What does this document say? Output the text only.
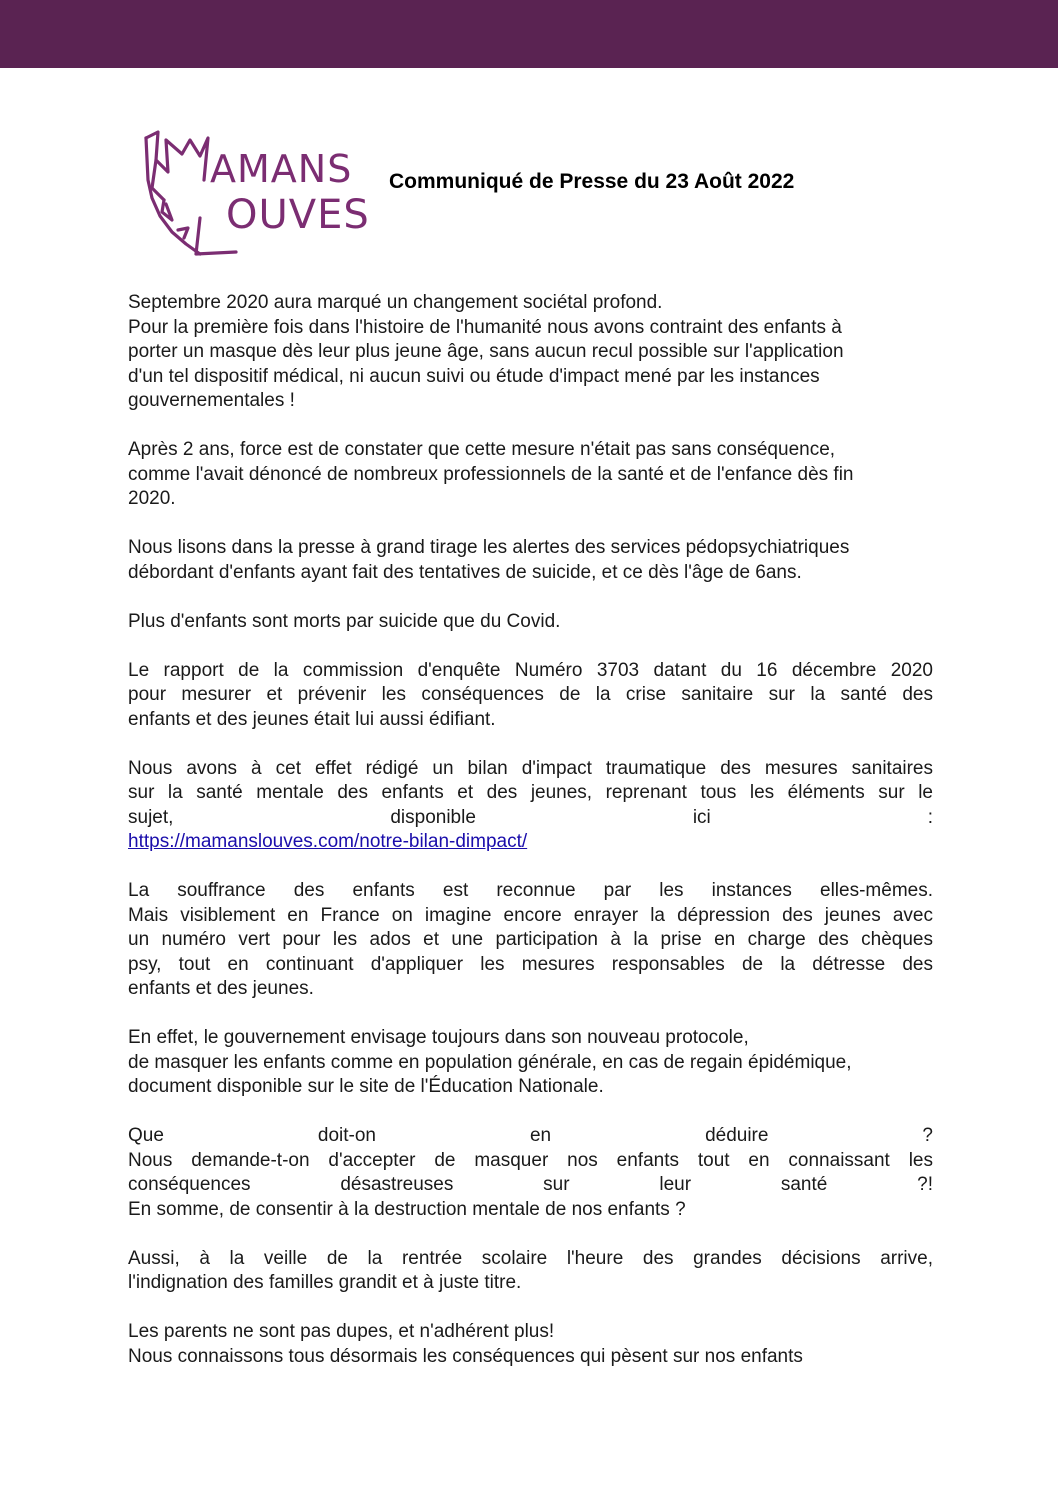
AMANS
OUVES
Communiqué de Presse du 23 Août 2022
Septembre 2020 aura marqué un changement sociétal profond.
Pour la première fois dans l'histoire de l'humanité nous avons contraint des enfants à
porter un masque dès leur plus jeune âge, sans aucun recul possible sur l'application
d'un tel dispositif médical, ni aucun suivi ou étude d'impact mené par les instances
gouvernementales !
Après 2 ans, force est de constater que cette mesure n'était pas sans conséquence,
comme l'avait dénoncé de nombreux professionnels de la santé et de l'enfance dès fin
2020.
Nous lisons dans la presse à grand tirage les alertes des services pédopsychiatriques
débordant d'enfants ayant fait des tentatives de suicide, et ce dès l'âge de 6ans.
Plus d'enfants sont morts par suicide que du Covid.
Le rapport de la commission d'enquête Numéro 3703 datant du 16 décembre 2020
pour mesurer et prévenir les conséquences de la crise sanitaire sur la santé des
enfants et des jeunes était lui aussi édifiant.
Nous avons à cet effet rédigé un bilan d'impact traumatique des mesures sanitaires
sur la santé mentale des enfants et des jeunes, reprenant tous les éléments sur le
sujet, disponible ici :
https://mamanslouves.com/notre-bilan-dimpact/
La souffrance des enfants est reconnue par les instances elles-mêmes.
Mais visiblement en France on imagine encore enrayer la dépression des jeunes avec
un numéro vert pour les ados et une participation à la prise en charge des chèques
psy, tout en continuant d'appliquer les mesures responsables de la détresse des
enfants et des jeunes.
En effet, le gouvernement envisage toujours dans son nouveau protocole,
de masquer les enfants comme en population générale, en cas de regain épidémique,
document disponible sur le site de l'Éducation Nationale.
Que doit-on en déduire ?
Nous demande-t-on d'accepter de masquer nos enfants tout en connaissant les
conséquences désastreuses sur leur santé ?!
En somme, de consentir à la destruction mentale de nos enfants ?
Aussi, à la veille de la rentrée scolaire l'heure des grandes décisions arrive,
l'indignation des familles grandit et à juste titre.
Les parents ne sont pas dupes, et n'adhérent plus!
Nous connaissons tous désormais les conséquences qui pèsent sur nos enfants
